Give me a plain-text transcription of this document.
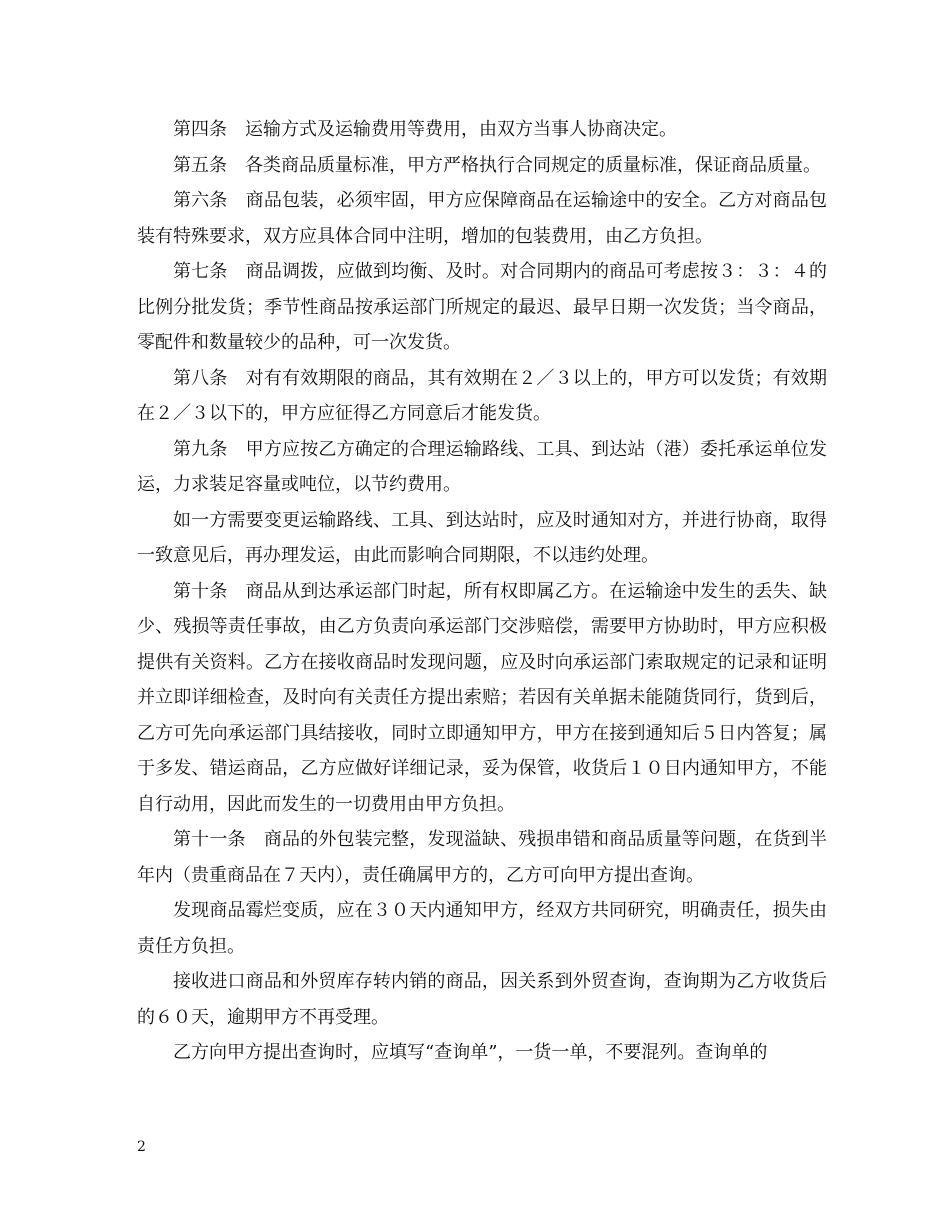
第四条　运输方式及运输费用等费用，由双方当事人协商决定。

第五条　各类商品质量标准，甲方严格执行合同规定的质量标准，保证商品质量。

第六条　商品包装，必须牢固，甲方应保障商品在运输途中的安全。乙方对商品包装有特殊要求，双方应具体合同中注明，增加的包装费用，由乙方负担。

第七条　商品调拨，应做到均衡、及时。对合同期内的商品可考虑按３：３：４的比例分批发货；季节性商品按承运部门所规定的最迟、最早日期一次发货；当令商品，零配件和数量较少的品种，可一次发货。

第八条　对有有效期限的商品，其有效期在２／３以上的，甲方可以发货；有效期在２／３以下的，甲方应征得乙方同意后才能发货。

第九条　甲方应按乙方确定的合理运输路线、工具、到达站（港）委托承运单位发运，力求装足容量或吨位，以节约费用。

如一方需要变更运输路线、工具、到达站时，应及时通知对方，并进行协商，取得一致意见后，再办理发运，由此而影响合同期限，不以违约处理。

第十条　商品从到达承运部门时起，所有权即属乙方。在运输途中发生的丢失、缺少、残损等责任事故，由乙方负责向承运部门交涉赔偿，需要甲方协助时，甲方应积极提供有关资料。乙方在接收商品时发现问题，应及时向承运部门索取规定的记录和证明并立即详细检查，及时向有关责任方提出索赔；若因有关单据未能随货同行，货到后，乙方可先向承运部门具结接收，同时立即通知甲方，甲方在接到通知后５日内答复；属于多发、错运商品，乙方应做好详细记录，妥为保管，收货后１０日内通知甲方，不能自行动用，因此而发生的一切费用由甲方负担。

第十一条　商品的外包装完整，发现溢缺、残损串错和商品质量等问题，在货到半年内（贵重商品在７天内），责任确属甲方的，乙方可向甲方提出查询。

发现商品霉烂变质，应在３０天内通知甲方，经双方共同研究，明确责任，损失由责任方负担。

接收进口商品和外贸库存转内销的商品，因关系到外贸查询，查询期为乙方收货后的６０天，逾期甲方不再受理。

乙方向甲方提出查询时，应填写“查询单”，一货一单，不要混列。查询单的

2
